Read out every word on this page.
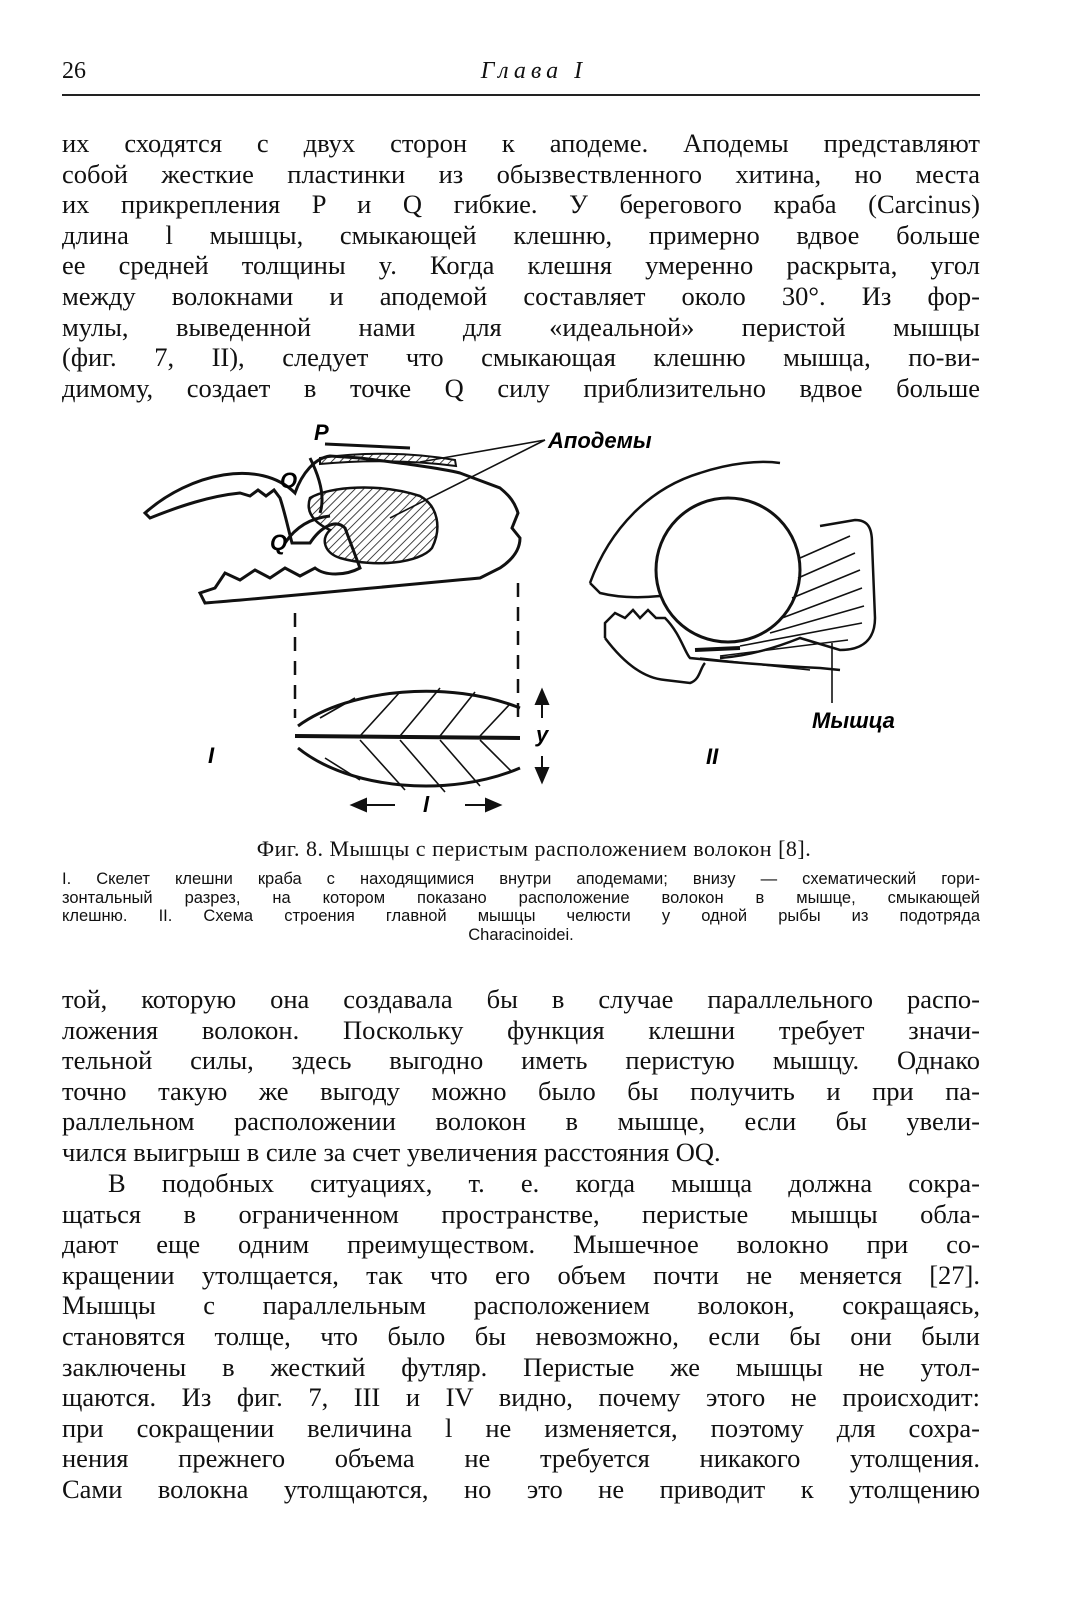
26	Глава I
их сходятся с двух сторон к аподеме. Аподемы представляют
собой жесткие пластинки из обызвествленного хитина, но места
их прикрепления P и Q гибкие. У берегового краба (Carcinus)
длина l мышцы, смыкающей клешню, примерно вдвое больше
ее средней толщины y. Когда клешня умеренно раскрыта, угол
между волокнами и аподемой составляет около 30°. Из фор-
мулы, выведенной нами для «идеальной» перистой мышцы
(фиг. 7, II), следует что смыкающая клешню мышца, по-ви-
димому, создает в точке Q силу приблизительно вдвое больше
P
O
Q
Аподемы
I
y
l
II
Мышца
Фиг. 8. Мышцы с перистым расположением волокон [8].
I. Скелет клешни краба с находящимися внутри аподемами; внизу — схематический гори-
зонтальный разрез, на котором показано расположение волокон в мышце, смыкающей
клешню. II. Схема строения главной мышцы челюсти у одной рыбы из подотряда
Characinoidei.
той, которую она создавала бы в случае параллельного распо-
ложения волокон. Поскольку функция клешни требует значи-
тельной силы, здесь выгодно иметь перистую мышцу. Однако
точно такую же выгоду можно было бы получить и при па-
раллельном расположении волокон в мышце, если бы увели-
чился выигрыш в силе за счет увеличения расстояния OQ.
В подобных ситуациях, т. е. когда мышца должна сокра-
щаться в ограниченном пространстве, перистые мышцы обла-
дают еще одним преимуществом. Мышечное волокно при со-
кращении утолщается, так что его объем почти не меняется [27].
Мышцы с параллельным расположением волокон, сокращаясь,
становятся толще, что было бы невозможно, если бы они были
заключены в жесткий футляр. Перистые же мышцы не утол-
щаются. Из фиг. 7, III и IV видно, почему этого не происходит:
при сокращении величина l не изменяется, поэтому для сохра-
нения прежнего объема не требуется никакого утолщения.
Сами волокна утолщаются, но это не приводит к утолщению
